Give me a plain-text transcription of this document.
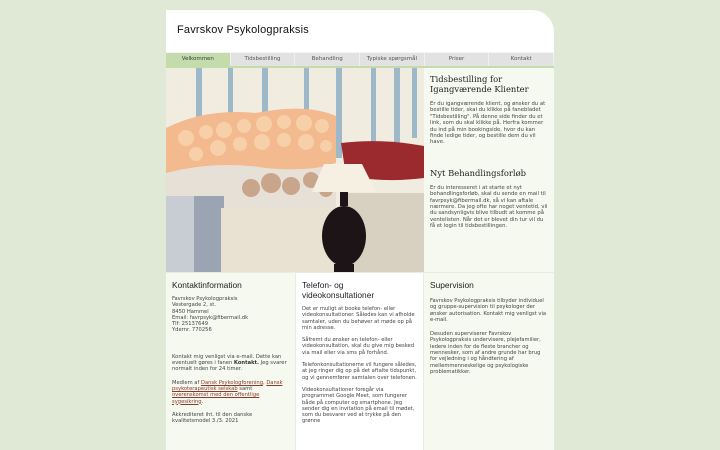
Favrskov Psykologpraksis
Velkommen	Tidsbestilling	Behandling	Typiske spørgsmål	Priser	Kontakt
Tidsbestilling for Igangværende Klienter
Er du igangværende klient, og ønsker du at bestille tider, skal du klikke på fanebladet "Tidsbestilling". På denne side finder du et link, som du skal klikke på. Herfra kommer du ind på min bookingside, hvor du kan finde ledige tider, og bestille dem du vil have.
Nyt Behandlingsforløb
Er du interesseret i at starte et nyt behandlingsforløb, skal du sende en mail til favrpsyk@fibermail.dk, så vi kan aftale nærmere. Da jeg ofte har noget ventetid, vil du sandsynligvis blive tilbudt at komme på ventelisten. Når det er blevet din tur vil du få et login til tidsbestillingen.
Kontaktinformation
Favrskov Psykologpraksis
Vestergade 2, st.
8450 Hammel
Email: favrpsyk@fibermail.dk
Tlf: 25137649
Ydernr. 770256
Kontakt mig venligst via e-mail. Dette kan eventuelt gøres i fanen Kontakt. Jeg svarer normalt inden for 24 timer.
Medlem af Dansk Psykologforening, Dansk psykoterapeutisk selskab samt overenskomst med den offentlige sygesikring.
Akkrediteret iht. til den danske kvalitetsmodel 3./3. 2021
Telefon- og videokonsultationer
Det er muligt at booke telefon- eller videokonsultationer. Således kan vi afholde samtaler, uden du behøver at møde op på min adresse.
Såfremt du ønsker en telefon- eller videokonsultation, skal du give mig besked via mail eller via sms på forhånd.
Telefonkonsultationerne vil fungere således, at jeg ringer dig op på det aftalte tidspunkt, og vi gennemfører samtalen over telefonen.
Videokonsultationer foregår via programmet Google Meet, som fungerer både på computer og smartphone. Jeg sender dig en invitation på email til mødet, som du besvarer ved at trykke på den grønne
Supervision
Favrskov Psykologpraksis tilbyder individuel og gruppe-supervision til psykologer der ønsker autorisation. Kontakt mig venligst via e-mail.
Desuden superviserer Favrskov Psykologpraksis undervisere, plejefamilier, ledere inden for de fleste brancher og mennesker, som af andre grunde har brug for vejledning i og håndtering af mellemmenneskelige og psykologiske problematikker.
